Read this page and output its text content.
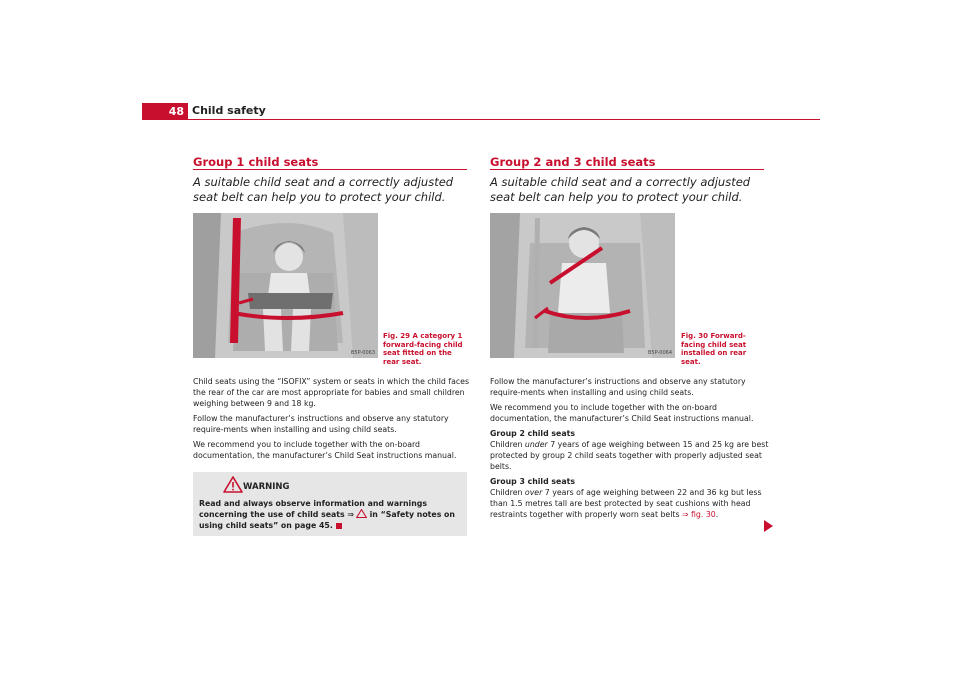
48 Child safety
Group 1 child seats
A suitable child seat and a correctly adjusted seat belt can help you to protect your child.
B5P-0063
Fig. 29 A category 1 forward-facing child seat fitted on the rear seat.

Child seats using the “ISOFIX” system or seats in which the child faces the rear of the car are most appropriate for babies and small children weighing between 9 and 18 kg.

Follow the manufacturer’s instructions and observe any statutory require-ments when installing and using child seats.

We recommend you to include together with the on-board documentation, the manufacturer’s Child Seat instructions manual.

WARNING
Read and always observe information and warnings concerning the use of child seats ⇒ in “Safety notes on using child seats” on page 45.
Group 2 and 3 child seats
A suitable child seat and a correctly adjusted seat belt can help you to protect your child.
B5P-0064
Fig. 30 Forward-facing child seat installed on rear seat.

Follow the manufacturer’s instructions and observe any statutory require-ments when installing and using child seats.

We recommend you to include together with the on-board documentation, the manufacturer’s Child Seat instructions manual.

Group 2 child seats

Children under 7 years of age weighing between 15 and 25 kg are best protected by group 2 child seats together with properly adjusted seat belts.

Group 3 child seats

Children over 7 years of age weighing between 22 and 36 kg but less than 1.5 metres tall are best protected by seat cushions with head restraints together with properly worn seat belts ⇒ fig. 30.
